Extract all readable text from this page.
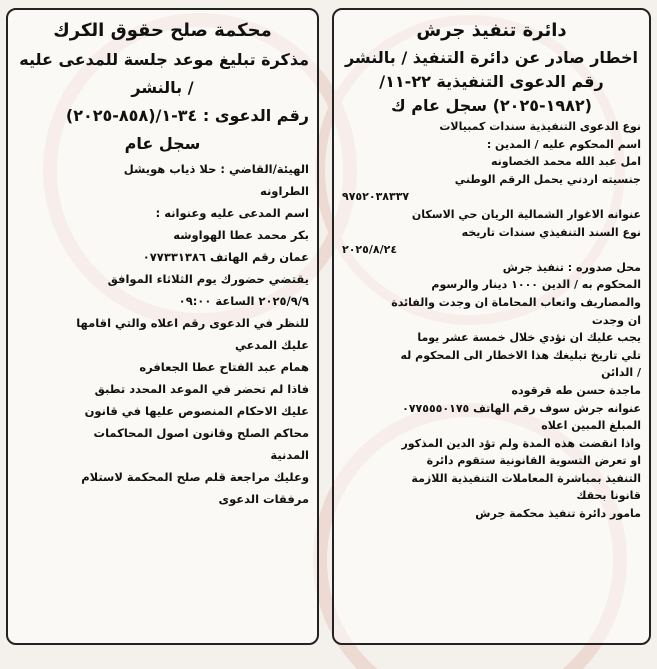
دائرة تنفيذ جرش
اخطار صادر عن دائرة التنفيذ / بالنشر
رقم الدعوى التنفيذية ٢٢-١١/
(١٩٨٢-٢٠٢٥) سجل عام ك
نوع الدعوى التنفيذية سندات كمبيالات
اسم المحكوم عليه / المدين :
امل عبد الله محمد الخصاونه
جنسيته اردني يحمل الرقم الوطني
٩٧٥٢٠٣٨٣٣٧
عنوانه الاغوار الشمالية الريان حي الاسكان
نوع السند التنفيذي سندات تاريخه
٢٠٢٥/٨/٢٤
محل صدوره : تنفيذ جرش
المحكوم به / الدين ١٠٠٠ دينار والرسوم
والمصاريف واتعاب المحاماة ان وجدت والفائدة
ان وجدت
يجب عليك ان تؤدي خلال خمسة عشر يوما
تلي تاريخ تبليغك هذا الاخطار الى المحكوم له
/ الدائن
ماجدة حسن طه قرقوده
عنوانه جرش سوف رقم الهاتف ٠٧٧٥٥٥٠١٧٥
المبلغ المبين اعلاه
واذا انقضت هذه المدة ولم تؤد الدين المذكور
او تعرض التسوية القانونية ستقوم دائرة
التنفيذ بمباشرة المعاملات التنفيذية اللازمة
قانونا بحقك
مامور دائرة تنفيذ محكمة جرش
محكمة صلح حقوق الكرك
مذكرة تبليغ موعد جلسة للمدعى عليه
/ بالنشر
رقم الدعوى : ٣٤-١/(٨٥٨-٢٠٢٥)
سجل عام
الهيئة/القاضي : حلا ذياب هويشل
الطراونه
اسم المدعى عليه وعنوانه :
بكر محمد عطا الهواوشه
عمان رقم الهاتف ٠٧٧٣٣١٣٨٦
يقتضي حضورك يوم الثلاثاء الموافق
٢٠٢٥/٩/٩ الساعة ٠٩:٠٠
للنظر في الدعوى رقم اعلاه والتي اقامها
عليك المدعي
همام عبد الفتاح عطا الجعافره
فاذا لم تحضر في الموعد المحدد تطبق
عليك الاحكام المنصوص عليها في قانون
محاكم الصلح وقانون اصول المحاكمات
المدنية
وعليك مراجعة قلم صلح المحكمة لاستلام
مرفقات الدعوى
